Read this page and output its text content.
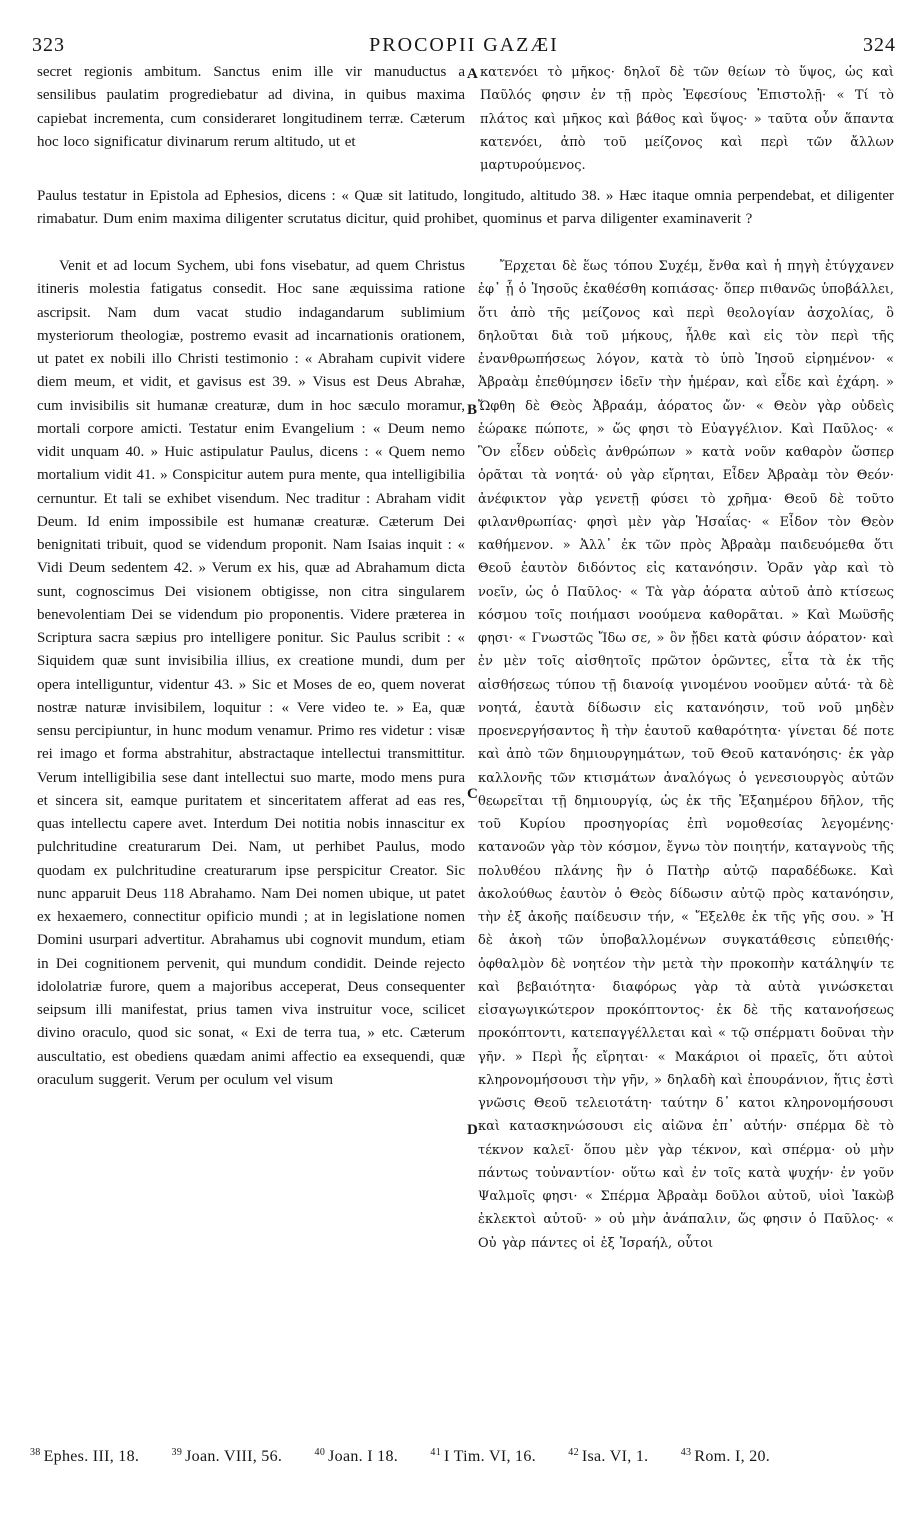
323	PROCOPII GAZÆI	324
secret regionis ambitum. Sanctus enim ille vir manuductus a sensilibus paulatim progrediebatur ad divina, in quibus maxima capiebat incrementa, cum consideraret longitudinem terræ. Cæterum hoc loco significatur divinarum rerum altitudo, ut et
κατενόει τὸ μῆκος· δηλοῖ δὲ τῶν θείων τὸ ὕψος, ὡς καὶ Παῦλός φησιν ἐν τῇ πρὸς Ἐφεσίους Ἐπιστολῇ· « Τί τὸ πλάτος καὶ μῆκος καὶ βάθος καὶ ὕψος· » ταῦτα οὖν ἅπαντα κατενόει, ἀπὸ τοῦ μείζονος καὶ περὶ τῶν ἄλλων μαρτυρούμενος.
Paulus testatur in Epistola ad Ephesios, dicens : « Quæ sit latitudo, longitudo, altitudo 38. » Hæc itaque omnia perpendebat, et diligenter rimabatur. Dum enim maxima diligenter scrutatus dicitur, quid prohibet, quominus et parva diligenter examinaverit ?
Venit et ad locum Sychem, ubi fons visebatur, ad quem Christus itineris molestia fatigatus consedit. Hoc sane æquissima ratione ascripsit. Nam dum vacat studio indagandarum sublimium mysteriorum theologiæ, postremo evasit ad incarnationis orationem, ut patet ex nobili illo Christi testimonio : « Abraham cupivit videre diem meum, et vidit, et gavisus est 39. » Visus est Deus Abrahæ, cum invisibilis sit humanæ creaturæ, dum in hoc sæculo moramur, mortali corpore amicti. Testatur enim Evangelium : « Deum nemo vidit unquam 40. » Huic astipulatur Paulus, dicens : « Quem nemo mortalium vidit 41. » Conspicitur autem pura mente, qua intelligibilia cernuntur. Et tali se exhibet visendum. Nec traditur : Abraham vidit Deum. Id enim impossibile est humanæ creaturæ. Cæterum Dei benignitati tribuit, quod se videndum proponit. Nam Isaias inquit : « Vidi Deum sedentem 42. » Verum ex his, quæ ad Abrahamum dicta sunt, cognoscimus Dei visionem obtigisse, non citra singularem benevolentiam Dei se videndum pio proponentis. Videre præterea in Scriptura sacra sæpius pro intelligere ponitur. Sic Paulus scribit : « Siquidem quæ sunt invisibilia illius, ex creatione mundi, dum per opera intelliguntur, videntur 43. » Sic et Moses de eo, quem noverat nostræ naturæ invisibilem, loquitur : « Vere video te. » Ea, quæ sensu percipiuntur, in hunc modum venamur. Primo res videtur : visæ rei imago et forma abstrahitur, abstractaque intellectui transmittitur. Verum intelligibilia sese dant intellectui suo marte, modo mens pura et sincera sit, eamque puritatem et sinceritatem afferat ad eas res, quas intellectu capere avet. Interdum Dei notitia nobis innascitur ex pulchritudine creaturarum Dei. Nam, ut perhibet Paulus, modo quodam ex pulchritudine creaturarum ipse perspicitur Creator. Sic nunc apparuit Deus 118 Abrahamo. Nam Dei nomen ubique, ut patet ex hexaemero, connectitur opificio mundi ; at in legislatione nomen Domini usurpari advertitur. Abrahamus ubi cognovit mundum, etiam in Dei cognitionem pervenit, qui mundum condidit. Deinde rejecto idololatriæ furore, quem a majoribus acceperat, Deus consequenter seipsum illi manifestat, prius tamen viva instruitur voce, scilicet divino oraculo, quod sic sonat, « Exi de terra tua, » etc. Cæterum auscultatio, est obediens quædam animi affectio ea exsequendi, quæ oraculum suggerit. Verum per oculum vel visum
Ἔρχεται δὲ ἕως τόπου Συχέμ, ἔνθα καὶ ἡ πηγὴ ἐτύγχανεν ἐφ᾿ ᾗ ὁ Ἰησοῦς ἐκαθέσθη κοπιάσας· ὅπερ πιθανῶς ὑποβάλλει, ὅτι ἀπὸ τῆς μείζονος καὶ περὶ θεολογίαν ἀσχολίας, ὃ δηλοῦται διὰ τοῦ μήκους, ἦλθε καὶ εἰς τὸν περὶ τῆς ἐνανθρωπήσεως λόγον, κατὰ τὸ ὑπὸ Ἰησοῦ εἰρημένον· « Ἀβραὰμ ἐπεθύμησεν ἰδεῖν τὴν ἡμέραν, καὶ εἶδε καὶ ἐχάρη. » Ὤφθη δὲ Θεὸς Ἀβραάμ, ἀόρατος ὤν· « Θεὸν γὰρ οὐδεὶς ἑώρακε πώποτε, » ὥς φησι τὸ Εὐαγγέλιον. Καὶ Παῦλος· « Ὃν εἶδεν οὐδεὶς ἀνθρώπων » κατὰ νοῦν καθαρὸν ὥσπερ ὁρᾶται τὰ νοητά· οὐ γὰρ εἴρηται, Εἶδεν Ἀβραὰμ τὸν Θεόν· ἀνέφικτον γὰρ γενετῇ φύσει τὸ χρῆμα· Θεοῦ δὲ τοῦτο φιλανθρωπίας· φησὶ μὲν γὰρ Ἡσαΐας· « Εἶδον τὸν Θεὸν καθήμενον. » Ἀλλ᾿ ἐκ τῶν πρὸς Ἀβραὰμ παιδευόμεθα ὅτι Θεοῦ ἑαυτὸν διδόντος εἰς κατανόησιν. Ὁρᾶν γὰρ καὶ τὸ νοεῖν, ὡς ὁ Παῦλος· « Τὰ γὰρ ἀόρατα αὐτοῦ ἀπὸ κτίσεως κόσμου τοῖς ποιήμασι νοούμενα καθορᾶται. » Καὶ Μωϋσῆς φησι· « Γνωστῶς Ἴδω σε, » ὃν ᾔδει κατὰ φύσιν ἀόρατον· καὶ ἐν μὲν τοῖς αἰσθητοῖς πρῶτον ὁρῶντες, εἶτα τὰ ἐκ τῆς αἰσθήσεως τύπου τῇ διανοίᾳ γινομένου νοοῦμεν αὐτά· τὰ δὲ νοητά, ἑαυτὰ δίδωσιν εἰς κατανόησιν, τοῦ νοῦ μηδὲν προενεργήσαντος ἢ τὴν ἑαυτοῦ καθαρότητα· γίνεται δέ ποτε καὶ ἀπὸ τῶν δημιουργημάτων, τοῦ Θεοῦ κατανόησις· ἐκ γὰρ καλλονῆς τῶν κτισμάτων ἀναλόγως ὁ γενεσιουργὸς αὐτῶν θεωρεῖται τῇ δημιουργίᾳ, ὡς ἐκ τῆς Ἑξαημέρου δῆλον, τῆς τοῦ Κυρίου προσηγορίας ἐπὶ νομοθεσίας λεγομένης· κατανοῶν γὰρ τὸν κόσμον, ἔγνω τὸν ποιητήν, καταγνοὺς τῆς πολυθέου πλάνης ἣν ὁ Πατὴρ αὐτῷ παραδέδωκε. Καὶ ἀκολούθως ἑαυτὸν ὁ Θεὸς δίδωσιν αὐτῷ πρὸς κατανόησιν, τὴν ἐξ ἀκοῆς παίδευσιν τήν, « Ἔξελθε ἐκ τῆς γῆς σου. » Ἡ δὲ ἀκοὴ τῶν ὑποβαλλομένων συγκατάθεσις εὐπειθής· ὀφθαλμὸν δὲ νοητέον τὴν μετὰ τὴν προκοπὴν κατάληψίν τε καὶ βεβαιότητα· διαφόρως γὰρ τὰ αὐτὰ γινώσκεται εἰσαγωγικώτερον προκόπτοντος· ἐκ δὲ τῆς κατανοήσεως προκόπτοντι, κατεπαγγέλλεται καὶ « τῷ σπέρματι δοῦναι τὴν γῆν. » Περὶ ἧς εἴρηται· « Μακάριοι οἱ πραεῖς, ὅτι αὐτοὶ κληρονομήσουσι τὴν γῆν, » δηλαδὴ καὶ ἐπουράνιον, ἥτις ἐστὶ γνῶσις Θεοῦ τελειοτάτη· ταύτην δ᾿ κατοι κληρονομήσουσι καὶ κατασκηνώσουσι εἰς αἰῶνα ἐπ᾿ αὐτήν· σπέρμα δὲ τὸ τέκνον καλεῖ· ὅπου μὲν γὰρ τέκνον, καὶ σπέρμα· οὐ μὴν πάντως τοὐναντίον· οὕτω καὶ ἐν τοῖς κατὰ ψυχήν· ἐν γοῦν Ψαλμοῖς φησι· « Σπέρμα Ἀβραὰμ δοῦλοι αὐτοῦ, υἱοὶ Ἰακὼβ ἐκλεκτοὶ αὐτοῦ· » οὐ μὴν ἀνάπαλιν, ὥς φησιν ὁ Παῦλος· « Οὐ γὰρ πάντες οἱ ἐξ Ἰσραήλ, οὗτοι
A
B
C
D
$^{38}$ Ephes. III, 18.	$^{39}$ Joan. VIII, 56.	$^{40}$ Joan. I 18.	$^{41}$ I Tim. VI, 16.	$^{42}$ Isa. VI, 1.	$^{43}$ Rom. I, 20.
